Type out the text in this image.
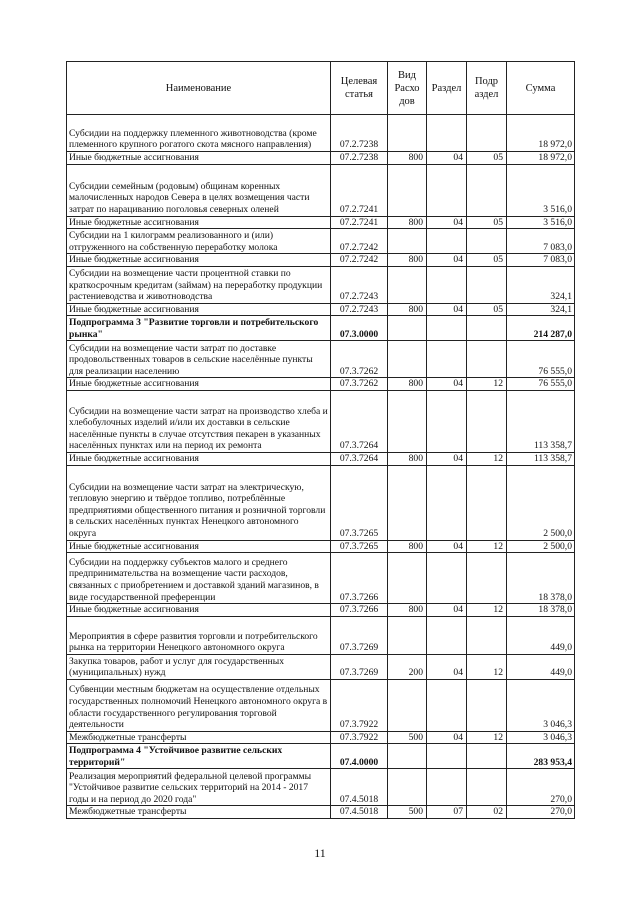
Наименование	Целевая статья	Вид Расхо дов	Раздел	Подр аздел	Сумма
Субсидии на поддержку племенного животноводства (кроме племенного крупного рогатого скота мясного направления)	07.2.7238				18 972,0
Иные бюджетные ассигнования	07.2.7238	800	04	05	18 972,0
Субсидии семейным (родовым) общинам коренных малочисленных народов Севера в целях возмещения части затрат по нарациванию поголовья северных оленей	07.2.7241				3 516,0
Иные бюджетные ассигнования	07.2.7241	800	04	05	3 516,0
Субсидии на 1 килограмм реализованного и (или) отгруженного на собственную переработку молока	07.2.7242				7 083,0
Иные бюджетные ассигнования	07.2.7242	800	04	05	7 083,0
Субсидии на возмещение части процентной ставки по краткосрочным кредитам (займам) на переработку продукции растениеводства и животноводства	07.2.7243				324,1
Иные бюджетные ассигнования	07.2.7243	800	04	05	324,1
Подпрограмма 3 "Развитие торговли и потребительского рынка"	07.3.0000				214 287,0
Субсидии на возмещение части затрат по доставке продовольственных товаров в сельские населённые пункты для реализации населению	07.3.7262				76 555,0
Иные бюджетные ассигнования	07.3.7262	800	04	12	76 555,0
Субсидии на возмещение части затрат на производство хлеба и хлебобулочных изделий и/или их доставки в сельские населённые пункты в случае отсутствия пекарен в указанных населённых пунктах или на период их ремонта	07.3.7264				113 358,7
Иные бюджетные ассигнования	07.3.7264	800	04	12	113 358,7
Субсидии на возмещение части затрат на электрическую, тепловую энергию и твёрдое топливо, потреблённые предприятиями общественного питания и розничной торговли в сельских населённых пунктах Ненецкого автономного округа	07.3.7265				2 500,0
Иные бюджетные ассигнования	07.3.7265	800	04	12	2 500,0
Субсидии на поддержку субъектов малого и среднего предпринимательства на возмещение части расходов, связанных с приобретением и доставкой зданий магазинов, в виде государственной преференции	07.3.7266				18 378,0
Иные бюджетные ассигнования	07.3.7266	800	04	12	18 378,0
Мероприятия в сфере развития торговли и потребительского рынка на территории Ненецкого автономного округа	07.3.7269				449,0
Закупка товаров, работ и услуг для государственных (муниципальных) нужд	07.3.7269	200	04	12	449,0
Субвенции местным бюджетам на осуществление отдельных государственных полномочий Ненецкого автономного округа в области государственного регулирования торговой деятельности	07.3.7922				3 046,3
Межбюджетные трансферты	07.3.7922	500	04	12	3 046,3
Подпрограмма 4 "Устойчивое развитие сельских территорий"	07.4.0000				283 953,4
Реализация мероприятий федеральной целевой программы "Устойчивое развитие сельских территорий на 2014 - 2017 годы и на период до 2020 года"	07.4.5018				270,0
Межбюджетные трансферты	07.4.5018	500	07	02	270,0
11
